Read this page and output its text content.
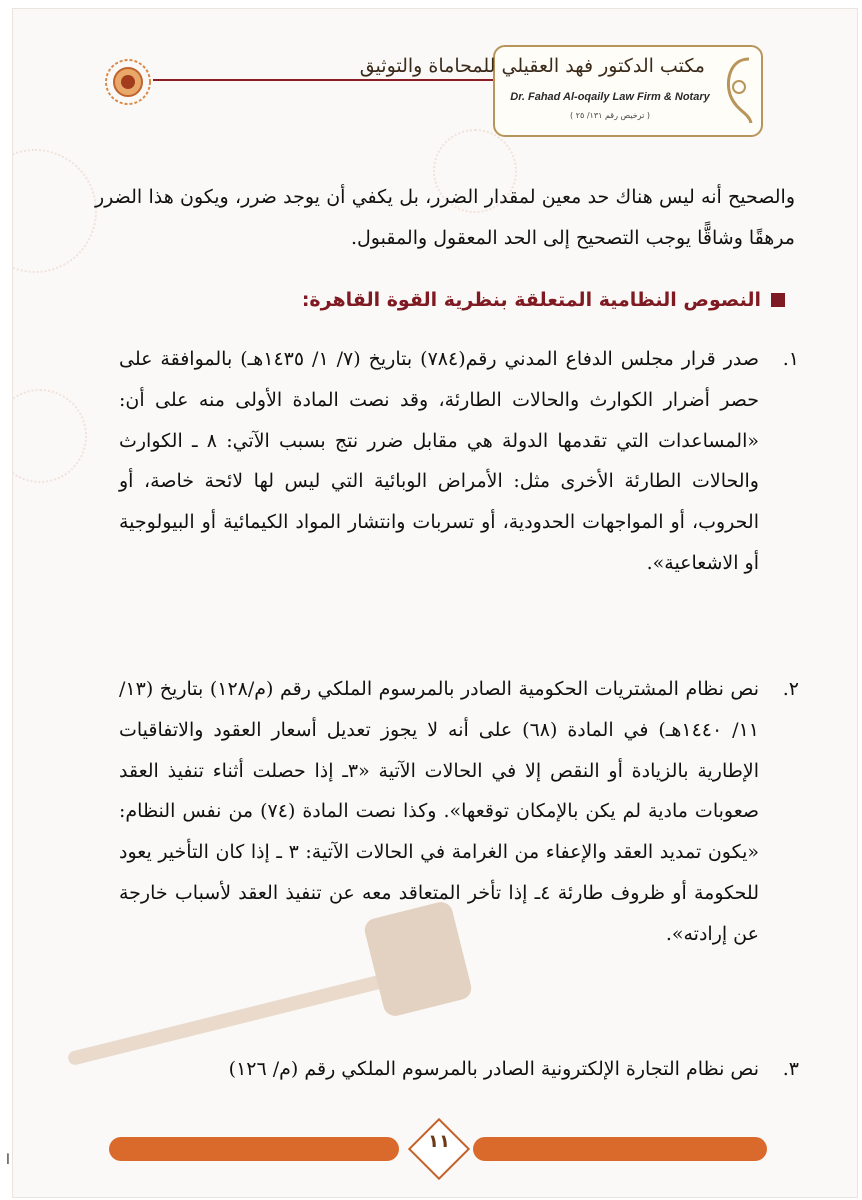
مكتب الدكتور فهد العقيلي للمحاماة والتوثيق
Dr. Fahad Al-oqaily Law Firm & Notary
( ترخيص رقم ١٣١/ ٢٥ )
والصحيح أنه ليس هناك حد معين لمقدار الضرر، بل يكفي أن يوجد ضرر، ويكون هذا الضرر مرهقًا وشاقًّا يوجب التصحيح إلى الحد المعقول والمقبول.
النصوص النظامية المتعلقة بنظرية القوة القاهرة:
١.
صدر قرار مجلس الدفاع المدني رقم(٧٨٤) بتاريخ (٧/ ١/ ١٤٣٥هـ) بالموافقة على حصر أضرار الكوارث والحالات الطارئة، وقد نصت المادة الأولى منه على أن: «المساعدات التي تقدمها الدولة هي مقابل ضرر نتج بسبب الآتي: ٨ ـ الكوارث والحالات الطارئة الأخرى مثل: الأمراض الوبائية التي ليس لها لائحة خاصة، أو الحروب، أو المواجهات الحدودية، أو تسربات وانتشار المواد الكيمائية أو البيولوجية أو الاشعاعية».
٢.
نص نظام المشتريات الحكومية الصادر بالمرسوم الملكي رقم (م/١٢٨) بتاريخ (١٣/ ١١/ ١٤٤٠هـ) في المادة (٦٨) على أنه لا يجوز تعديل أسعار العقود والاتفاقيات الإطارية بالزيادة أو النقص إلا في الحالات الآتية «٣ـ إذا حصلت أثناء تنفيذ العقد صعوبات مادية لم يكن بالإمكان توقعها». وكذا نصت المادة (٧٤) من نفس النظام: «يكون تمديد العقد والإعفاء من الغرامة في الحالات الآتية: ٣ ـ إذا كان التأخير يعود للحكومة أو ظروف طارئة ٤ـ إذا تأخر المتعاقد معه عن تنفيذ العقد لأسباب خارجة عن إرادته».
٣.
نص نظام التجارة الإلكترونية الصادر بالمرسوم الملكي رقم (م/ ١٢٦)
١١
ا
